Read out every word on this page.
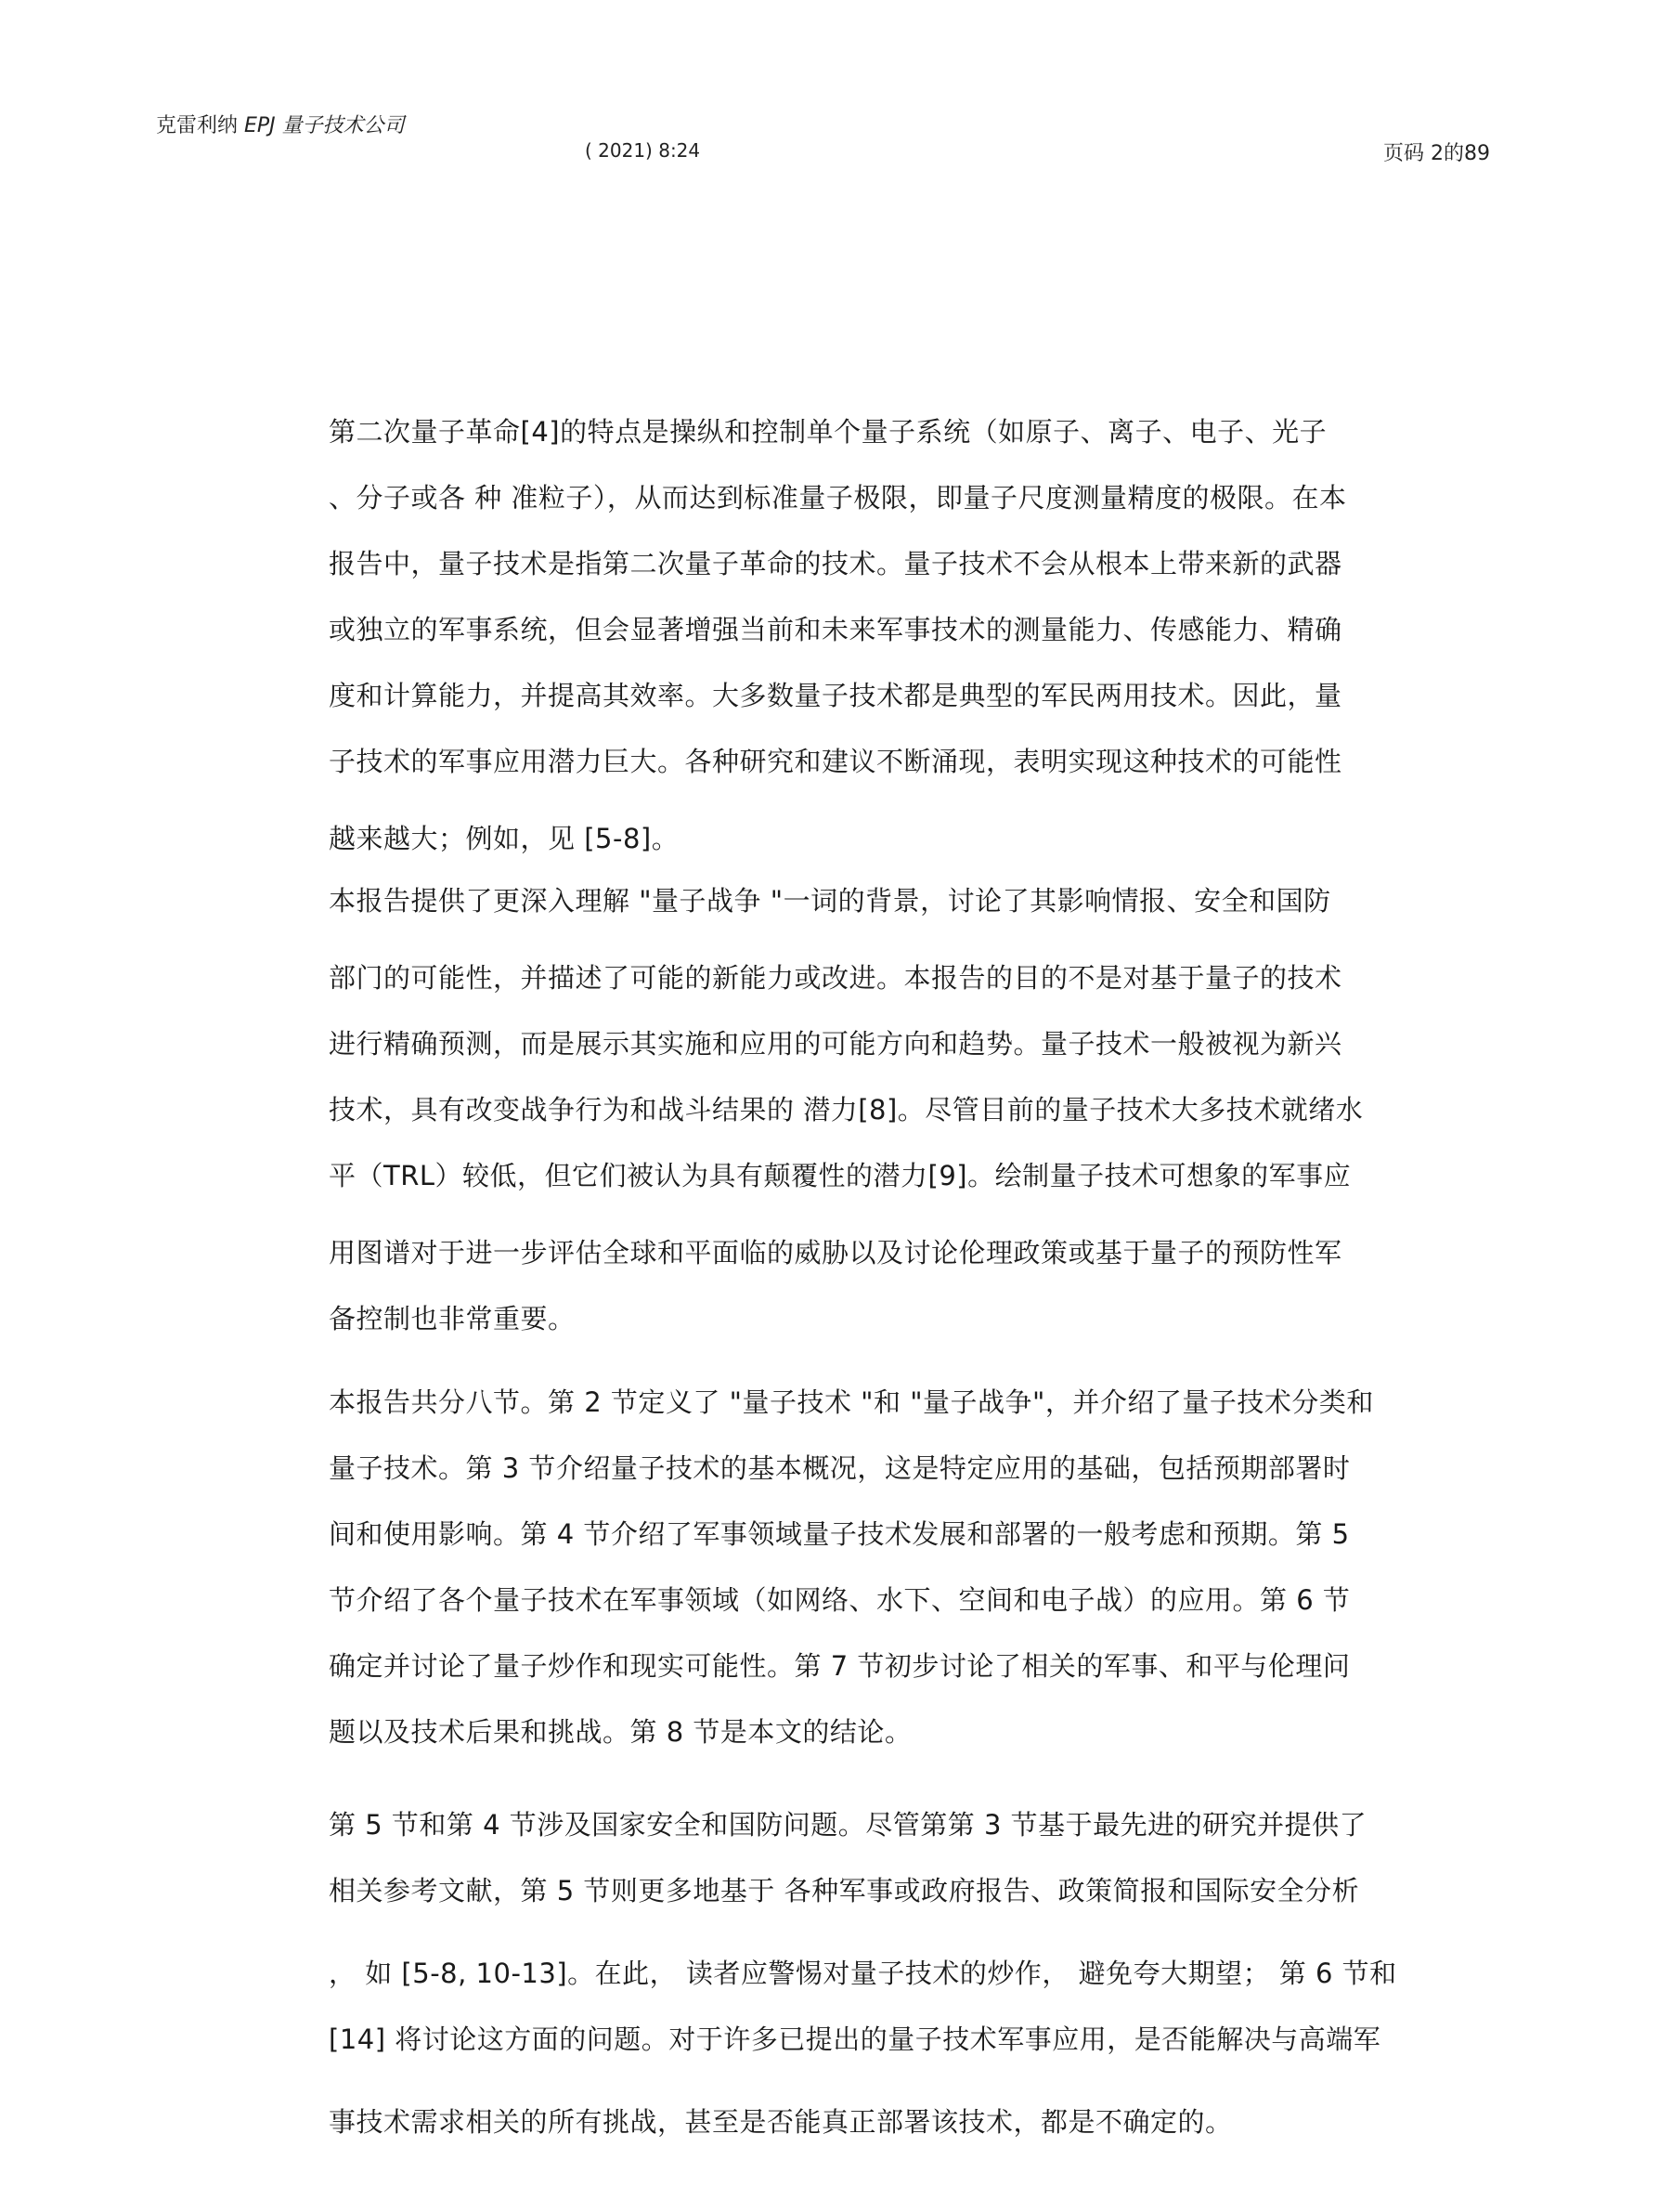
克雷利纳 EPJ 量子技术公司
( 2021) 8:24	页码 2的89
第二次量子革命[4]的特点是操纵和控制单个量子系统（如原子、离子、电子、光子
、分子或各 种 准粒子），从而达到标准量子极限，即量子尺度测量精度的极限。在本
报告中，量子技术是指第二次量子革命的技术。量子技术不会从根本上带来新的武器
或独立的军事系统，但会显著增强当前和未来军事技术的测量能力、传感能力、精确
度和计算能力，并提高其效率。大多数量子技术都是典型的军民两用技术。因此，量
子技术的军事应用潜力巨大。各种研究和建议不断涌现，表明实现这种技术的可能性
越来越大；例如，见 [5-8]。
本报告提供了更深入理解 "量子战争 "一词的背景，讨论了其影响情报、安全和国防
部门的可能性，并描述了可能的新能力或改进。本报告的目的不是对基于量子的技术
进行精确预测，而是展示其实施和应用的可能方向和趋势。量子技术一般被视为新兴
技术，具有改变战争行为和战斗结果的 潜力[8]。尽管目前的量子技术大多技术就绪水
平（TRL）较低，但它们被认为具有颠覆性的潜力[9]。绘制量子技术可想象的军事应
用图谱对于进一步评估全球和平面临的威胁以及讨论伦理政策或基于量子的预防性军
备控制也非常重要。
本报告共分八节。第 2 节定义了 "量子技术 "和 "量子战争"，并介绍了量子技术分类和
量子技术。第 3 节介绍量子技术的基本概况，这是特定应用的基础，包括预期部署时
间和使用影响。第 4 节介绍了军事领域量子技术发展和部署的一般考虑和预期。第 5
节介绍了各个量子技术在军事领域（如网络、水下、空间和电子战）的应用。第 6 节
确定并讨论了量子炒作和现实可能性。第 7 节初步讨论了相关的军事、和平与伦理问
题以及技术后果和挑战。第 8 节是本文的结论。
第 5 节和第 4 节涉及国家安全和国防问题。尽管第第 3 节基于最先进的研究并提供了
相关参考文献，第 5 节则更多地基于 各种军事或政府报告、政策简报和国际安全分析
， 如 [5-8, 10-13]。在此， 读者应警惕对量子技术的炒作， 避免夸大期望； 第 6 节和
[14] 将讨论这方面的问题。对于许多已提出的量子技术军事应用，是否能解决与高端军
事技术需求相关的所有挑战，甚至是否能真正部署该技术，都是不确定的。
